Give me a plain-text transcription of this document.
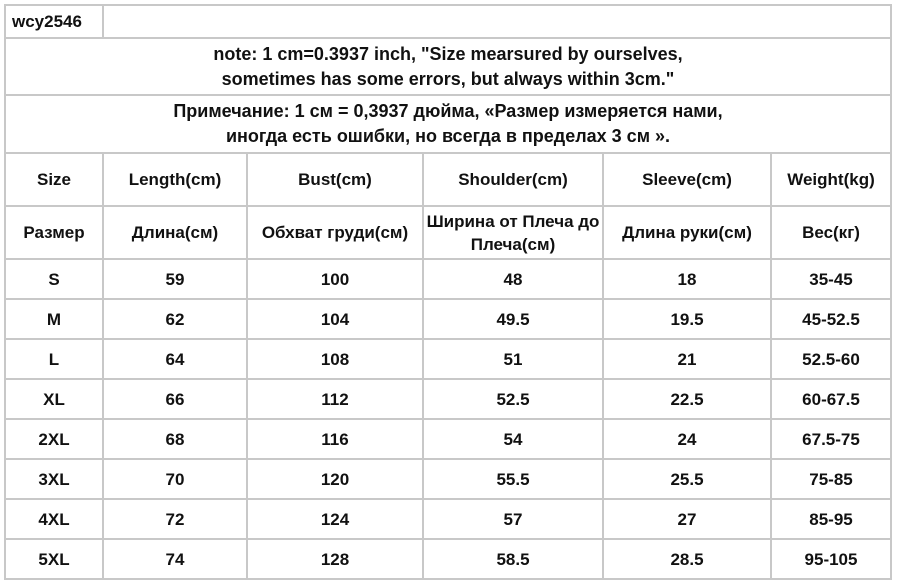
wcy2546					

note: 1 cm=0.3937 inch, "Size mearsured by ourselves,
sometimes has some errors, but always within 3cm."					

Примечание: 1 см = 0,3937 дюйма, «Размер измеряется нами,
иногда есть ошибки, но всегда в пределах 3 см ».					

Size	Length(cm)	Bust(cm)	Shoulder(cm)	Sleeve(cm)	Weight(kg)
Размер	Длина(см)	Обхват груди(см)	Ширина от Плеча до Плеча(см)	Длина руки(см)	Вес(кг)
S	59	100	48	18	35-45
M	62	104	49.5	19.5	45-52.5
L	64	108	51	21	52.5-60
XL	66	112	52.5	22.5	60-67.5
2XL	68	116	54	24	67.5-75
3XL	70	120	55.5	25.5	75-85
4XL	72	124	57	27	85-95
5XL	74	128	58.5	28.5	95-105
